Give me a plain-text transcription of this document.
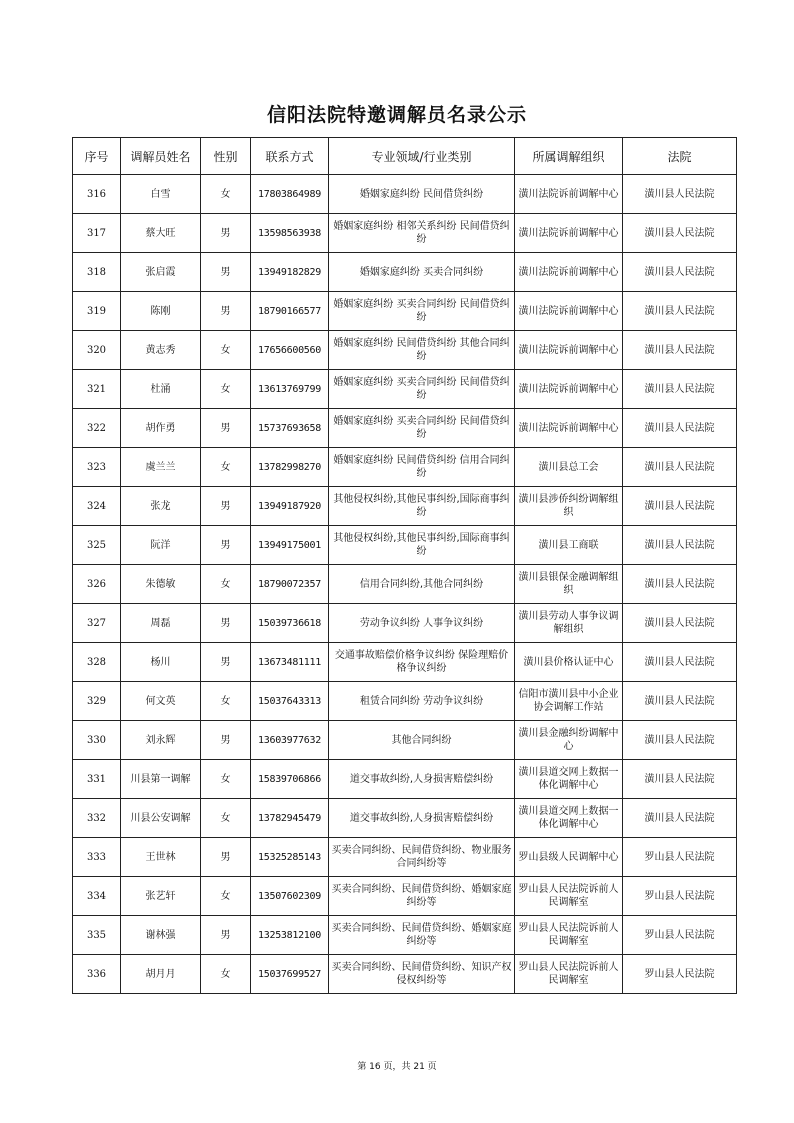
信阳法院特邀调解员名录公示
序号	调解员姓名	性别	联系方式	专业领域/行业类别	所属调解组织	法院
316	白雪	女	17803864989	婚姻家庭纠纷 民间借贷纠纷	潢川法院诉前调解中心	潢川县人民法院
317	蔡大旺	男	13598563938	婚姻家庭纠纷 相邻关系纠纷 民间借贷纠纷	潢川法院诉前调解中心	潢川县人民法院
318	张启霞	男	13949182829	婚姻家庭纠纷 买卖合同纠纷	潢川法院诉前调解中心	潢川县人民法院
319	陈刚	男	18790166577	婚姻家庭纠纷 买卖合同纠纷 民间借贷纠纷	潢川法院诉前调解中心	潢川县人民法院
320	黄志秀	女	17656600560	婚姻家庭纠纷 民间借贷纠纷 其他合同纠纷	潢川法院诉前调解中心	潢川县人民法院
321	杜涌	女	13613769799	婚姻家庭纠纷 买卖合同纠纷 民间借贷纠纷	潢川法院诉前调解中心	潢川县人民法院
322	胡作勇	男	15737693658	婚姻家庭纠纷 买卖合同纠纷 民间借贷纠纷	潢川法院诉前调解中心	潢川县人民法院
323	虞兰兰	女	13782998270	婚姻家庭纠纷 民间借贷纠纷 信用合同纠纷	潢川县总工会	潢川县人民法院
324	张龙	男	13949187920	其他侵权纠纷,其他民事纠纷,国际商事纠纷	潢川县涉侨纠纷调解组织	潢川县人民法院
325	阮洋	男	13949175001	其他侵权纠纷,其他民事纠纷,国际商事纠纷	潢川县工商联	潢川县人民法院
326	朱德敏	女	18790072357	信用合同纠纷,其他合同纠纷	潢川县银保金融调解组织	潢川县人民法院
327	周磊	男	15039736618	劳动争议纠纷 人事争议纠纷	潢川县劳动人事争议调解组织	潢川县人民法院
328	杨川	男	13673481111	交通事故赔偿价格争议纠纷 保险理赔价格争议纠纷	潢川县价格认证中心	潢川县人民法院
329	何文英	女	15037643313	租赁合同纠纷 劳动争议纠纷	信阳市潢川县中小企业协会调解工作站	潢川县人民法院
330	刘永辉	男	13603977632	其他合同纠纷	潢川县金融纠纷调解中心	潢川县人民法院
331	川县第一调解	女	15839706866	道交事故纠纷,人身损害赔偿纠纷	潢川县道交网上数据一体化调解中心	潢川县人民法院
332	川县公安调解	女	13782945479	道交事故纠纷,人身损害赔偿纠纷	潢川县道交网上数据一体化调解中心	潢川县人民法院
333	王世林	男	15325285143	买卖合同纠纷、民间借贷纠纷、物业服务合同纠纷等	罗山县级人民调解中心	罗山县人民法院
334	张艺轩	女	13507602309	买卖合同纠纷、民间借贷纠纷、婚姻家庭纠纷等	罗山县人民法院诉前人民调解室	罗山县人民法院
335	谢林强	男	13253812100	买卖合同纠纷、民间借贷纠纷、婚姻家庭纠纷等	罗山县人民法院诉前人民调解室	罗山县人民法院
336	胡月月	女	15037699527	买卖合同纠纷、民间借贷纠纷、知识产权侵权纠纷等	罗山县人民法院诉前人民调解室	罗山县人民法院
第 16 页，共 21 页
